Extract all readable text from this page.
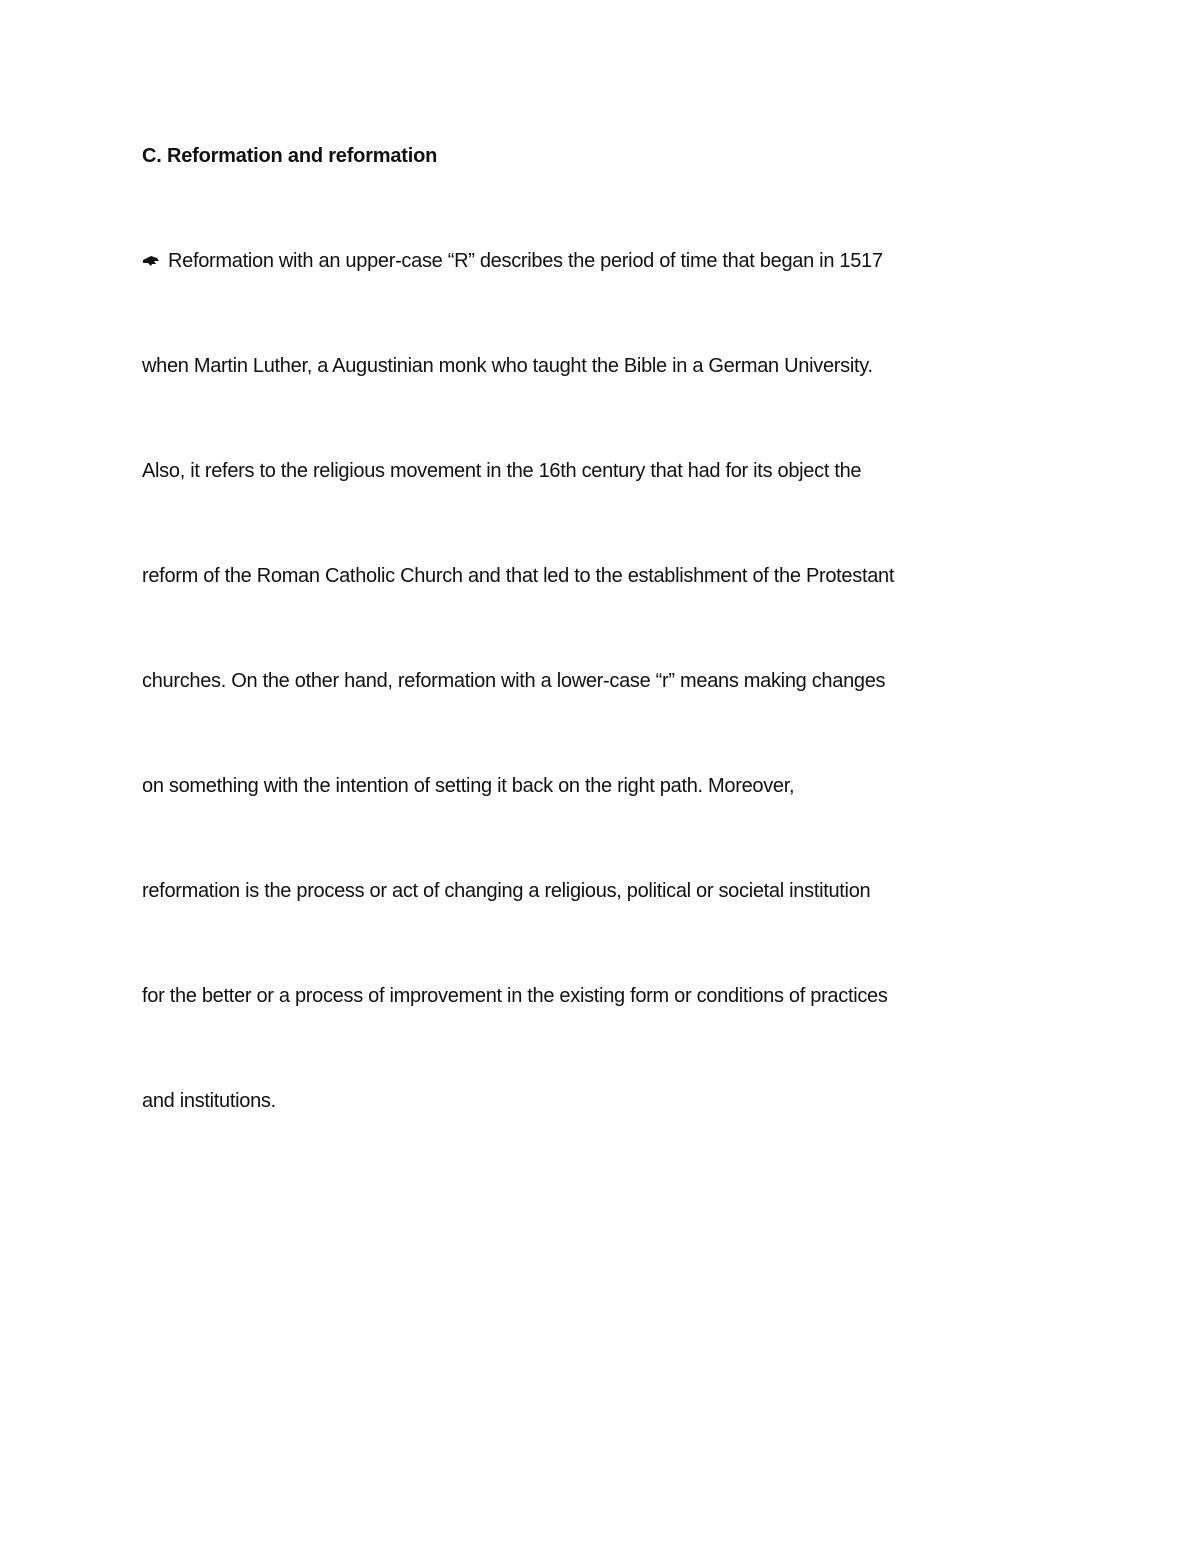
C. Reformation and reformation
Reformation with an upper-case “R” describes the period of time that began in 1517
when Martin Luther, a Augustinian monk who taught the Bible in a German University.
Also, it refers to the religious movement in the 16th century that had for its object the
reform of the Roman Catholic Church and that led to the establishment of the Protestant
churches. On the other hand, reformation with a lower-case “r” means making changes
on something with the intention of setting it back on the right path. Moreover,
reformation is the process or act of changing a religious, political or societal institution
for the better or a process of improvement in the existing form or conditions of practices
and institutions.
